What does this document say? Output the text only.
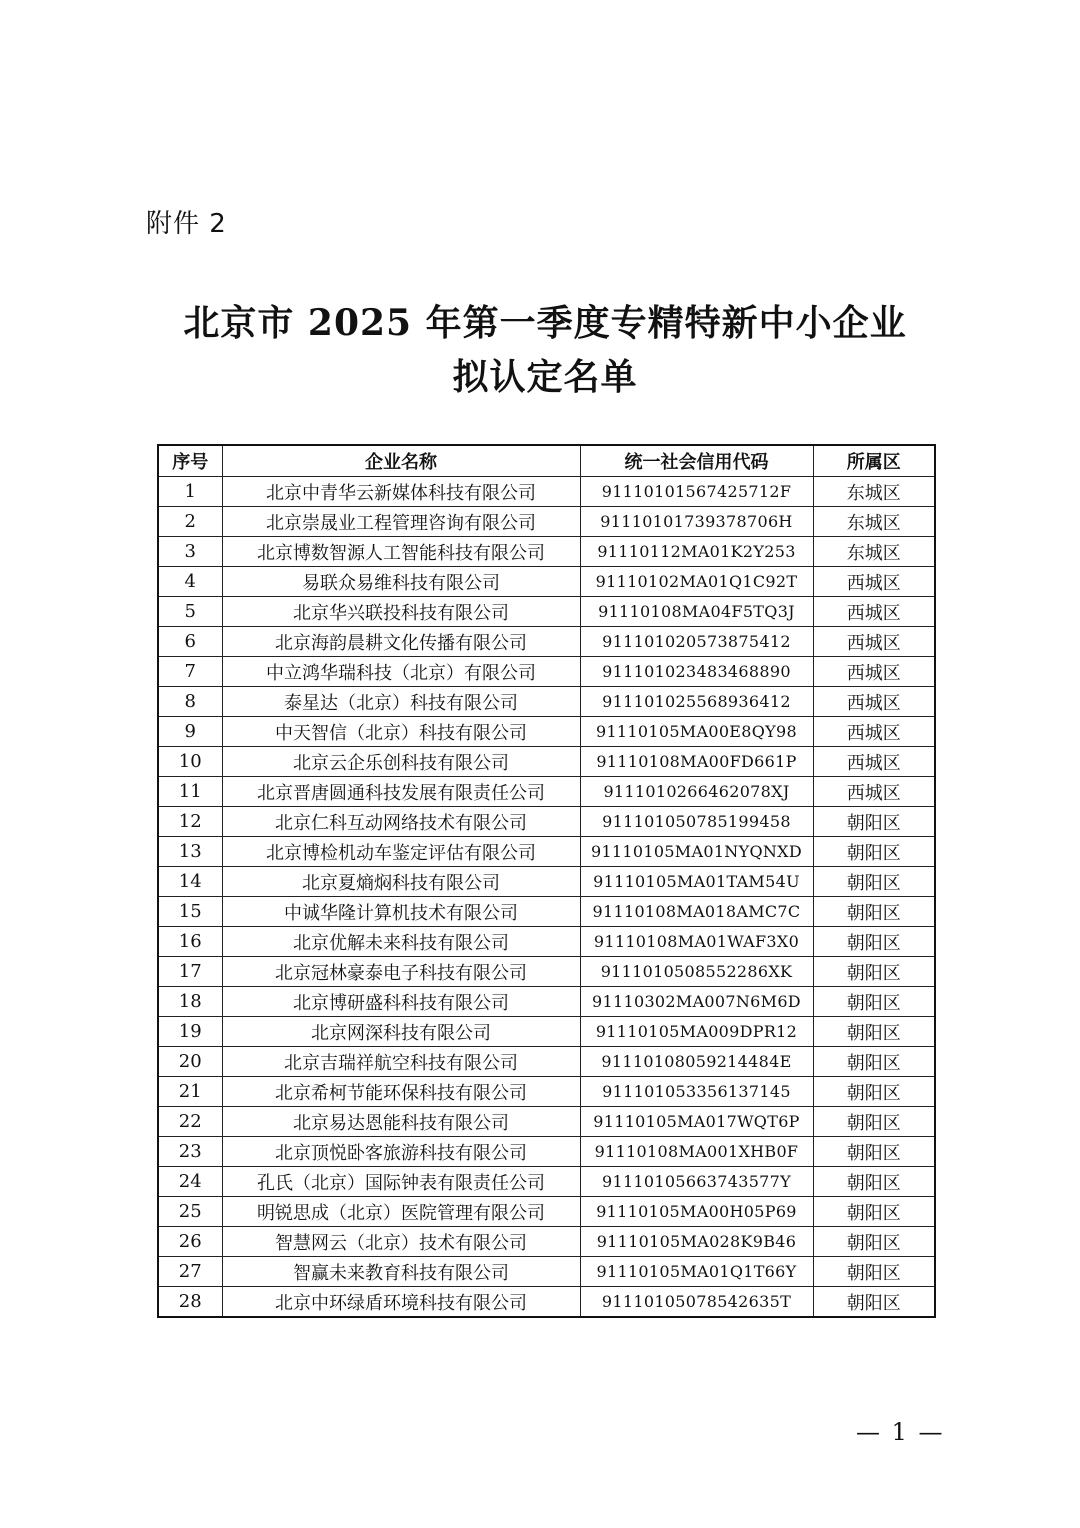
附件 2
北京市 2025 年第一季度专精特新中小企业
拟认定名单
序号	企业名称	统一社会信用代码	所属区
1	北京中青华云新媒体科技有限公司	91110101567425712F	东城区
2	北京崇晟业工程管理咨询有限公司	91110101739378706H	东城区
3	北京博数智源人工智能科技有限公司	91110112MA01K2Y253	东城区
4	易联众易维科技有限公司	91110102MA01Q1C92T	西城区
5	北京华兴联投科技有限公司	91110108MA04F5TQ3J	西城区
6	北京海韵晨耕文化传播有限公司	911101020573875412	西城区
7	中立鸿华瑞科技（北京）有限公司	911101023483468890	西城区
8	泰星达（北京）科技有限公司	911101025568936412	西城区
9	中天智信（北京）科技有限公司	91110105MA00E8QY98	西城区
10	北京云企乐创科技有限公司	91110108MA00FD661P	西城区
11	北京晋唐圆通科技发展有限责任公司	9111010266462078XJ	西城区
12	北京仁科互动网络技术有限公司	911101050785199458	朝阳区
13	北京博检机动车鉴定评估有限公司	91110105MA01NYQNXD	朝阳区
14	北京夏熵焖科技有限公司	91110105MA01TAM54U	朝阳区
15	中诚华隆计算机技术有限公司	91110108MA018AMC7C	朝阳区
16	北京优解未来科技有限公司	91110108MA01WAF3X0	朝阳区
17	北京冠林豪泰电子科技有限公司	9111010508552286XK	朝阳区
18	北京博研盛科科技有限公司	91110302MA007N6M6D	朝阳区
19	北京网深科技有限公司	91110105MA009DPR12	朝阳区
20	北京吉瑞祥航空科技有限公司	91110108059214484E	朝阳区
21	北京希柯节能环保科技有限公司	911101053356137145	朝阳区
22	北京易达恩能科技有限公司	91110105MA017WQT6P	朝阳区
23	北京顶悦卧客旅游科技有限公司	91110108MA001XHB0F	朝阳区
24	孔氏（北京）国际钟表有限责任公司	91110105663743577Y	朝阳区
25	明锐思成（北京）医院管理有限公司	91110105MA00H05P69	朝阳区
26	智慧网云（北京）技术有限公司	91110105MA028K9B46	朝阳区
27	智赢未来教育科技有限公司	91110105MA01Q1T66Y	朝阳区
28	北京中环绿盾环境科技有限公司	91110105078542635T	朝阳区
— 1 —
